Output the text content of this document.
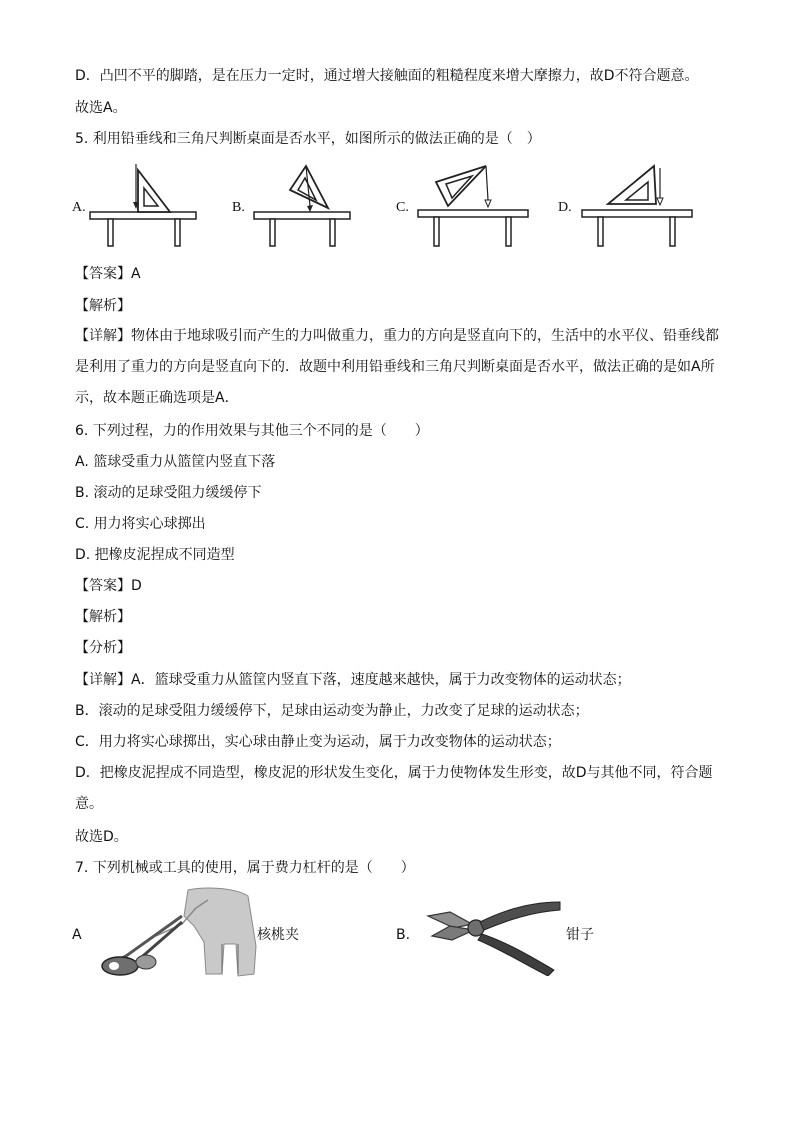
D．凸凹不平的脚踏，是在压力一定时，通过增大接触面的粗糙程度来增大摩擦力，故D不符合题意。
故选A。
5. 利用铅垂线和三角尺判断桌面是否水平，如图所示的做法正确的是（　）
A.	B.	C.	D.
【答案】A
【解析】
【详解】物体由于地球吸引而产生的力叫做重力，重力的方向是竖直向下的，生活中的水平仪、铅垂线都是利用了重力的方向是竖直向下的．故题中利用铅垂线和三角尺判断桌面是否水平，做法正确的是如A所示，故本题正确选项是A．
6. 下列过程，力的作用效果与其他三个不同的是（　　）
A. 篮球受重力从篮筐内竖直下落
B. 滚动的足球受阻力缓缓停下
C. 用力将实心球掷出
D. 把橡皮泥捏成不同造型
【答案】D
【解析】
【分析】
【详解】A．篮球受重力从篮筐内竖直下落，速度越来越快，属于力改变物体的运动状态；
B．滚动的足球受阻力缓缓停下，足球由运动变为静止，力改变了足球的运动状态；
C．用力将实心球掷出，实心球由静止变为运动，属于力改变物体的运动状态；
D．把橡皮泥捏成不同造型，橡皮泥的形状发生变化，属于力使物体发生形变，故D与其他不同，符合题意。
故选D。
7. 下列机械或工具的使用，属于费力杠杆的是（　　）
A	核桃夹	B.	钳子
